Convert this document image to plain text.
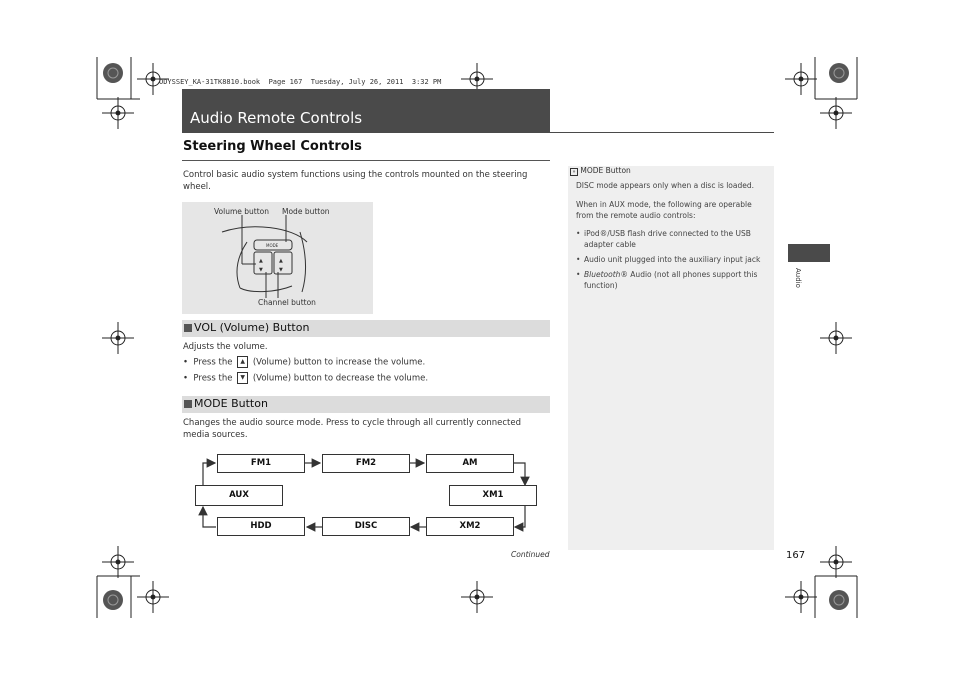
ODYSSEY_KA-31TK8810.book  Page 167  Tuesday, July 26, 2011  3:32 PM
Audio Remote Controls
Steering Wheel Controls
Control basic audio system functions using the controls mounted on the steering wheel.
Volume button Mode button
Channel button
MODE
▲
▼
▲
▼
VOL (Volume) Button
Adjusts the volume.
•  Press the ▲ (Volume) button to increase the volume.
•  Press the ▼ (Volume) button to decrease the volume.
MODE Button
Changes the audio source mode. Press to cycle through all currently connected media sources.
FM1	FM2	AM
XM1
XM2
DISC
HDD
AUX
Continued
» MODE Button
DISC mode appears only when a disc is loaded.
When in AUX mode, the following are operable from the remote audio controls:
• iPod®/USB flash drive connected to the USB adapter cable
• Audio unit plugged into the auxiliary input jack
• Bluetooth® Audio (not all phones support this function)	Audio
167
